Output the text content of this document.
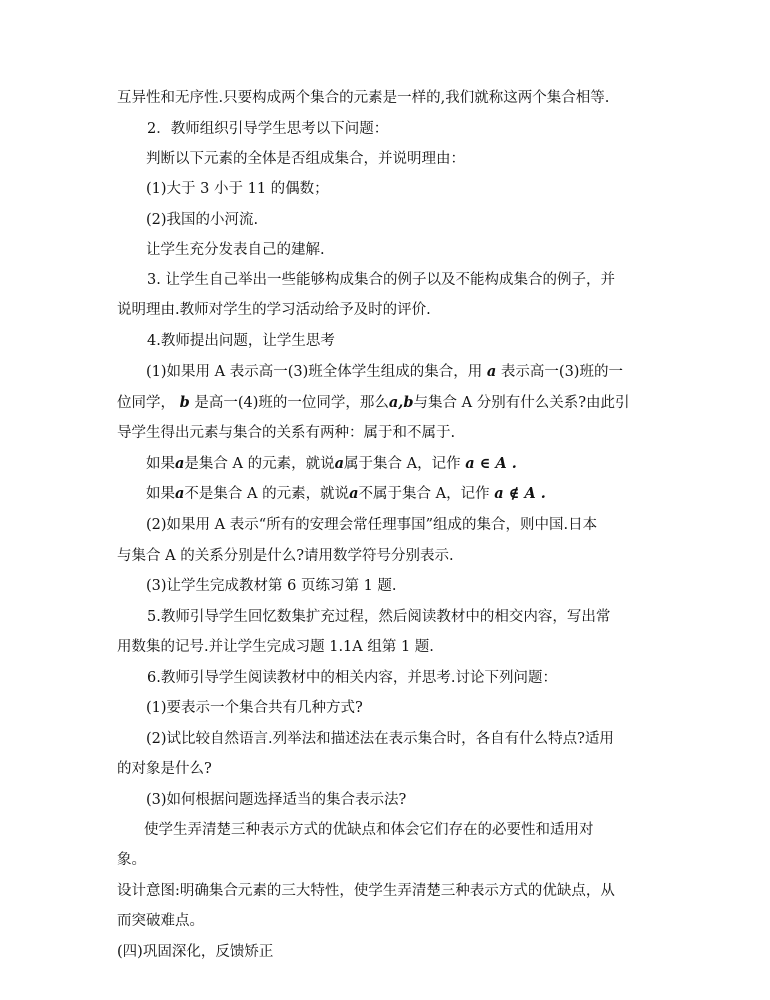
互异性和无序性.只要构成两个集合的元素是一样的,我们就称这两个集合相等.
2．教师组织引导学生思考以下问题：
判断以下元素的全体是否组成集合，并说明理由：
(1)大于 3 小于 11 的偶数；
(2)我国的小河流.
让学生充分发表自己的建解.
3. 让学生自己举出一些能够构成集合的例子以及不能构成集合的例子，并
说明理由.教师对学生的学习活动给予及时的评价.
4.教师提出问题，让学生思考
(1)如果用 A 表示高一(3)班全体学生组成的集合，用 a 表示高一(3)班的一
位同学， b 是高一(4)班的一位同学，那么a,b与集合 A 分别有什么关系?由此引
导学生得出元素与集合的关系有两种：属于和不属于.
如果a是集合 A 的元素，就说a属于集合 A，记作 a ∈ A .
如果a不是集合 A 的元素，就说a不属于集合 A，记作 a ∉ A .
(2)如果用 A 表示“所有的安理会常任理事国”组成的集合，则中国.日本
与集合 A 的关系分别是什么?请用数学符号分别表示.
(3)让学生完成教材第 6 页练习第 1 题.
5.教师引导学生回忆数集扩充过程，然后阅读教材中的相交内容，写出常
用数集的记号.并让学生完成习题 1.1A 组第 1 题.
6.教师引导学生阅读教材中的相关内容，并思考.讨论下列问题：
(1)要表示一个集合共有几种方式?
(2)试比较自然语言.列举法和描述法在表示集合时，各自有什么特点?适用
的对象是什么?
(3)如何根据问题选择适当的集合表示法?
使学生弄清楚三种表示方式的优缺点和体会它们存在的必要性和适用对
象。
设计意图:明确集合元素的三大特性，使学生弄清楚三种表示方式的优缺点，从
而突破难点。
(四)巩固深化，反馈矫正
